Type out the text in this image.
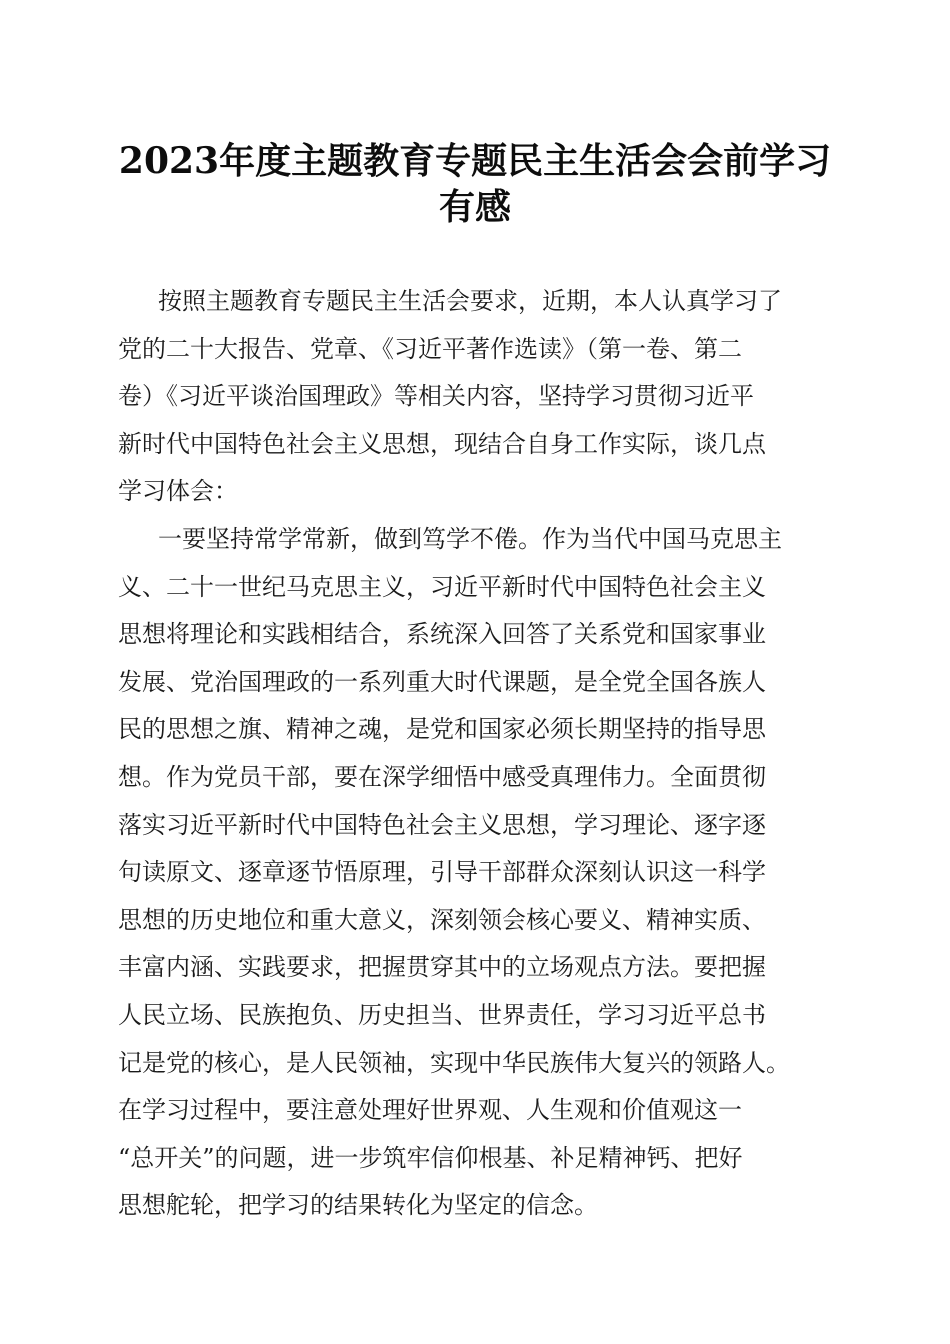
2023年度主题教育专题民主生活会会前学习
有感
按照主题教育专题民主生活会要求，近期，本人认真学习了
党的二十大报告、党章、《习近平著作选读》（第一卷、第二
卷）《习近平谈治国理政》等相关内容，坚持学习贯彻习近平
新时代中国特色社会主义思想，现结合自身工作实际，谈几点
学习体会：
一要坚持常学常新，做到笃学不倦。作为当代中国马克思主
义、二十一世纪马克思主义，习近平新时代中国特色社会主义
思想将理论和实践相结合，系统深入回答了关系党和国家事业
发展、党治国理政的一系列重大时代课题，是全党全国各族人
民的思想之旗、精神之魂，是党和国家必须长期坚持的指导思
想。作为党员干部，要在深学细悟中感受真理伟力。全面贯彻
落实习近平新时代中国特色社会主义思想，学习理论、逐字逐
句读原文、逐章逐节悟原理，引导干部群众深刻认识这一科学
思想的历史地位和重大意义，深刻领会核心要义、精神实质、
丰富内涵、实践要求，把握贯穿其中的立场观点方法。要把握
人民立场、民族抱负、历史担当、世界责任，学习习近平总书
记是党的核心，是人民领袖，实现中华民族伟大复兴的领路人。
在学习过程中，要注意处理好世界观、人生观和价值观这一
“总开关”的问题，进一步筑牢信仰根基、补足精神钙、把好
思想舵轮，把学习的结果转化为坚定的信念。
